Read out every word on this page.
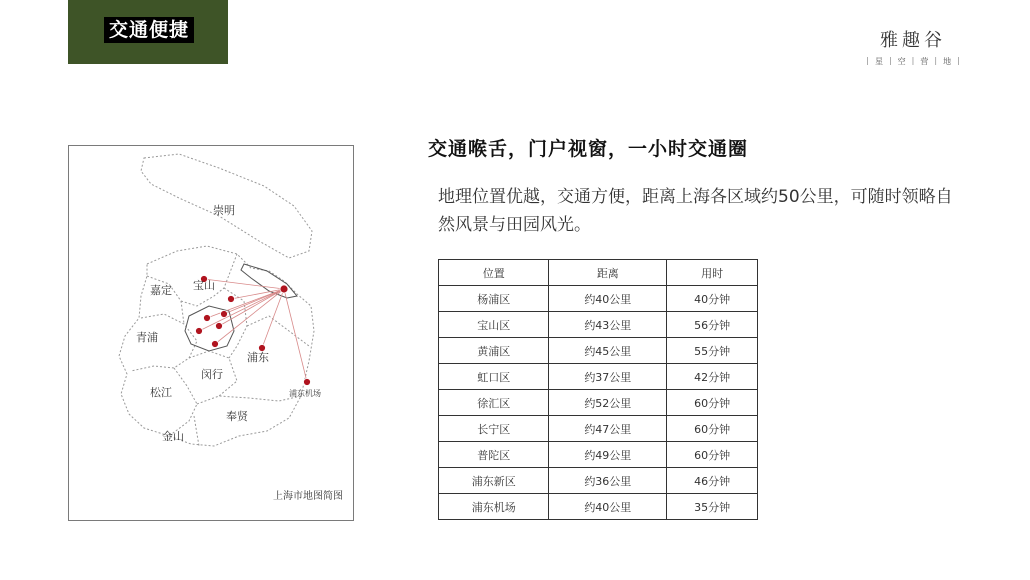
交通便捷	雅趣谷
| 星 | 空 | 营 | 地 |
崇明
宝山
嘉定
青浦
浦东
闵行
松江
奉贤
金山
浦东机场
上海市地图简图
交通喉舌，门户视窗，一小时交通圈
地理位置优越，交通方便，距离上海各区域约50公里，可随时领略自然风景与田园风光。
位置	距离	用时
杨浦区	约40公里	40分钟
宝山区	约43公里	56分钟
黄浦区	约45公里	55分钟
虹口区	约37公里	42分钟
徐汇区	约52公里	60分钟
长宁区	约47公里	60分钟
普陀区	约49公里	60分钟
浦东新区	约36公里	46分钟
浦东机场	约40公里	35分钟
